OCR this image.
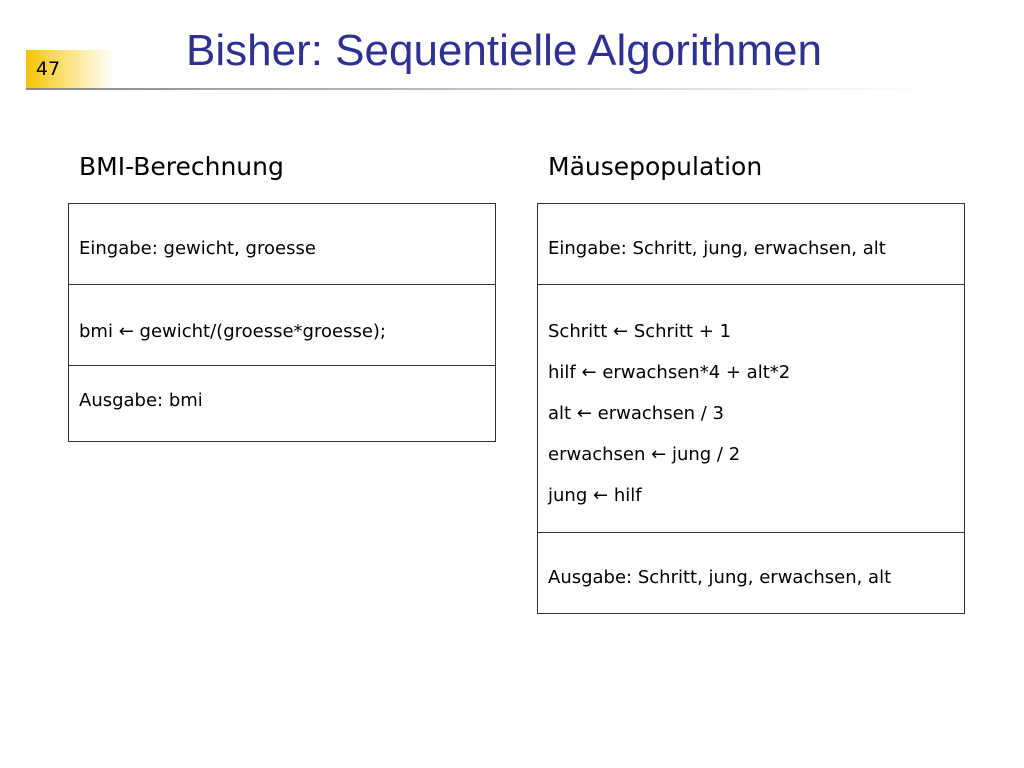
47	Bisher: Sequentielle Algorithmen
BMI-Berechnung
Eingabe: gewicht, groesse
bmi ← gewicht/(groesse*groesse);
Ausgabe: bmi
Mäusepopulation
Eingabe: Schritt, jung, erwachsen, alt
Schritt ← Schritt + 1
hilf ← erwachsen*4 + alt*2
alt ← erwachsen / 3
erwachsen ← jung / 2
jung ← hilf
Ausgabe: Schritt, jung, erwachsen, alt
